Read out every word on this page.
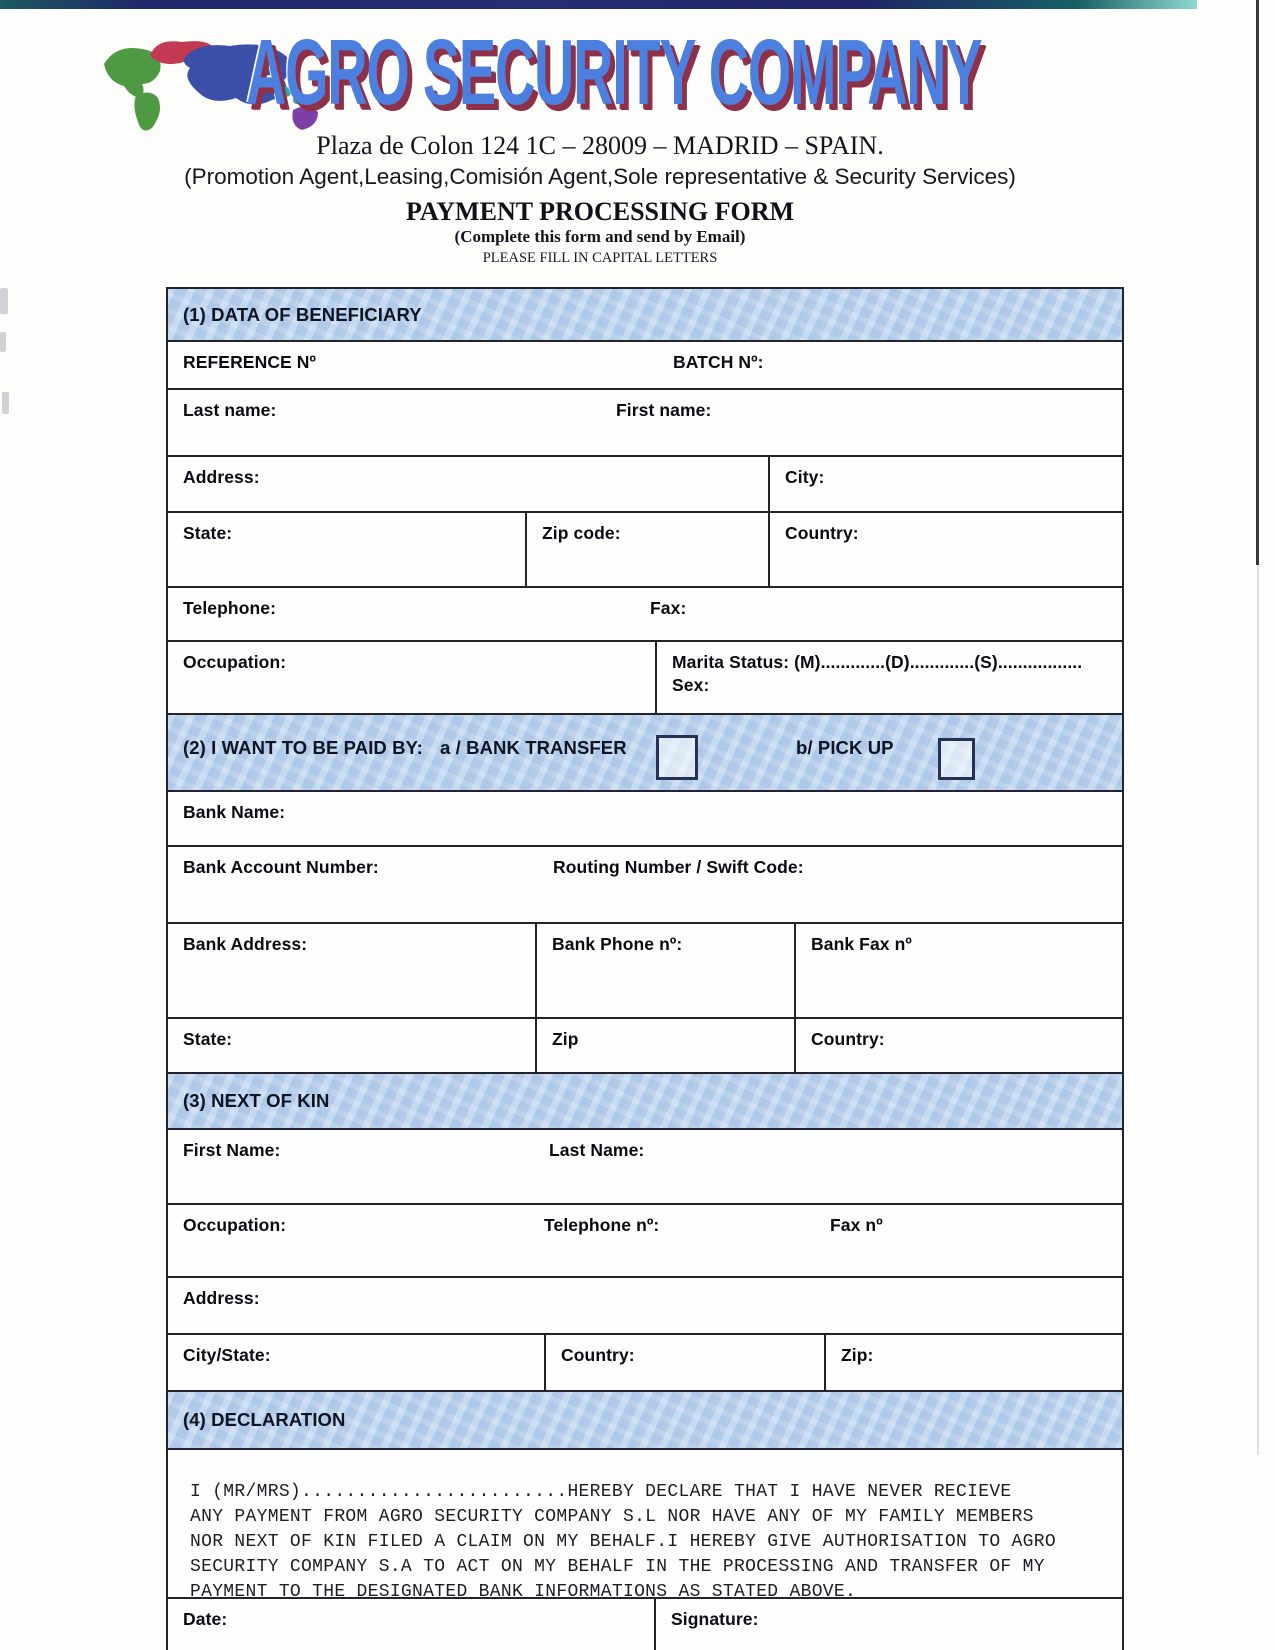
AGRO SECURITY COMPANY
Plaza de Colon 124 1C – 28009 – MADRID – SPAIN.
(Promotion Agent,Leasing,Comisión Agent,Sole representative & Security Services)
PAYMENT PROCESSING FORM
(Complete this form and send by Email)
PLEASE FILL IN CAPITAL LETTERS
(1) DATA OF BENEFICIARY
REFERENCE Nº	BATCH Nº:
Last name:	First name:
Address:	City:
State:	Zip code:	Country:
Telephone:	Fax:
Occupation:	Marita Status: (M).............(D).............(S).................
Sex:
(2) I WANT TO BE PAID BY: a / BANK TRANSFER	b/ PICK UP
Bank Name:
Bank Account Number:	Routing Number / Swift Code:
Bank Address:	Bank Phone nº:	Bank Fax nº
State:	Zip	Country:
(3) NEXT OF KIN
First Name:	Last Name:
Occupation:	Telephone nº:	Fax nº
Address:
City/State:	Country:	Zip:
(4) DECLARATION
I (MR/MRS)........................HEREBY DECLARE THAT I HAVE NEVER RECIEVE
ANY PAYMENT FROM AGRO SECURITY COMPANY S.L NOR HAVE ANY OF MY FAMILY MEMBERS
NOR NEXT OF KIN FILED A CLAIM ON MY BEHALF.I HEREBY GIVE AUTHORISATION TO AGRO
SECURITY COMPANY S.A TO ACT ON MY BEHALF IN THE PROCESSING AND TRANSFER OF MY
PAYMENT TO THE DESIGNATED BANK INFORMATIONS AS STATED ABOVE.
Date:	Signature:
